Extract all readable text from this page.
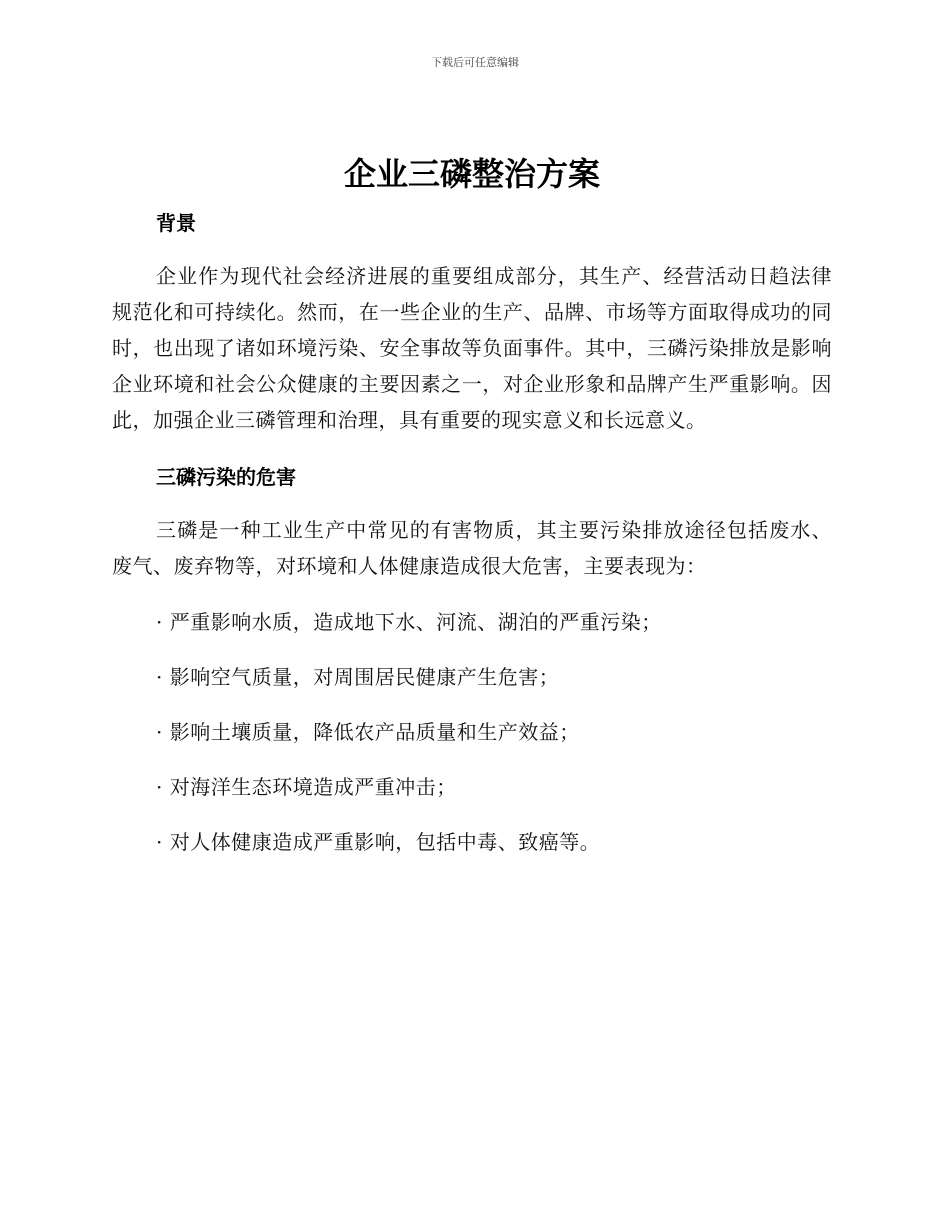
下载后可任意编辑
企业三磷整治方案
背景

企业作为现代社会经济进展的重要组成部分，其生产、经营活动日趋法律规范化和可持续化。然而，在一些企业的生产、品牌、市场等方面取得成功的同时，也出现了诸如环境污染、安全事故等负面事件。其中，三磷污染排放是影响企业环境和社会公众健康的主要因素之一，对企业形象和品牌产生严重影响。因此，加强企业三磷管理和治理，具有重要的现实意义和长远意义。

三磷污染的危害

三磷是一种工业生产中常见的有害物质，其主要污染排放途径包括废水、废气、废弃物等，对环境和人体健康造成很大危害，主要表现为：

· 严重影响水质，造成地下水、河流、湖泊的严重污染；
· 影响空气质量，对周围居民健康产生危害；
· 影响土壤质量，降低农产品质量和生产效益；
· 对海洋生态环境造成严重冲击；
· 对人体健康造成严重影响，包括中毒、致癌等。
